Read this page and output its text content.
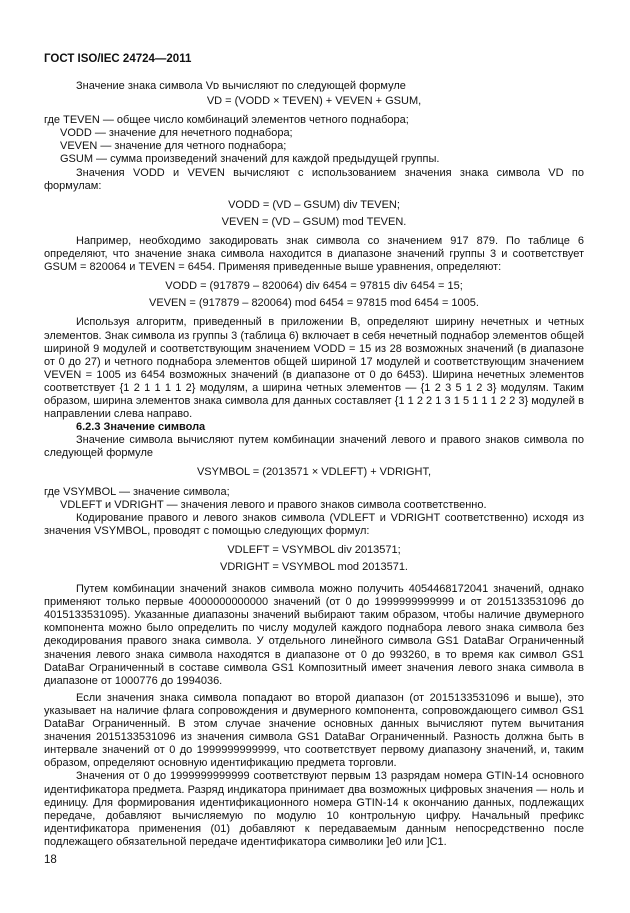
ГОСТ ISO/IEC 24724—2011
Значение знака символа Vᴅ вычисляют по следующей формуле
VD = (VODD × TEVEN) + VEVEN + GSUM,
где TEVEN — общее число комбинаций элементов четного поднабора;
VODD — значение для нечетного поднабора;
VEVEN — значение для четного поднабора;
GSUM — сумма произведений значений для каждой предыдущей группы.
Значения VODD и VEVEN вычисляют с использованием значения знака символа VD по формулам:
VODD = (VD – GSUM) div TEVEN;
VEVEN = (VD – GSUM) mod TEVEN.
Например, необходимо закодировать знак символа со значением 917 879. По таблице 6 определяют, что значение знака символа находится в диапазоне значений группы 3 и соответствует GSUM = 820064 и TEVEN = 6454. Применяя приведенные выше уравнения, определяют:
VODD = (917879 – 820064) div 6454 = 97815 div 6454 = 15;
VEVEN = (917879 – 820064) mod 6454 = 97815 mod 6454 = 1005.
Используя алгоритм, приведенный в приложении В, определяют ширину нечетных и четных элементов. Знак символа из группы 3 (таблица 6) включает в себя нечетный поднабор элементов общей шириной 9 модулей и соответствующим значением VODD = 15 из 28 возможных значений (в диапазоне от 0 до 27) и четного поднабора элементов общей шириной 17 модулей и соответствующим значением VEVEN = 1005 из 6454 возможных значений (в диапазоне от 0 до 6453). Ширина нечетных элементов соответствует {1 2 1 1 1 1 2} модулям, а ширина четных элементов — {1 2 3 5 1 2 3} модулям. Таким образом, ширина элементов знака символа для данных составляет {1 1 2 2 1 3 1 5 1 1 1 2 2 3} модулей в направлении слева направо.
6.2.3 Значение символа
Значение символа вычисляют путем комбинации значений левого и правого знаков символа по следующей формуле
VSYMBOL = (2013571 × VDLEFT) + VDRIGHT,
где VSYMBOL — значение символа;
VDLEFT и VDRIGHT — значения левого и правого знаков символа соответственно.
Кодирование правого и левого знаков символа (VDLEFT и VDRIGHT соответственно) исходя из значения VSYMBOL, проводят с помощью следующих формул:
VDLEFT = VSYMBOL div 2013571;
VDRIGHT = VSYMBOL mod 2013571.
Путем комбинации значений знаков символа можно получить 4054468172041 значений, однако применяют только первые 4000000000000 значений (от 0 до 1999999999999 и от 2015133531096 до 4015133531095). Указанные диапазоны значений выбирают таким образом, чтобы наличие двумерного компонента можно было определить по числу модулей каждого поднабора левого знака символа без декодирования правого знака символа. У отдельного линейного символа GS1 DataBar Ограниченный значения левого знака символа находятся в диапазоне от 0 до 993260, в то время как символ GS1 DataBar Ограниченный в составе символа GS1 Композитный имеет значения левого знака символа в диапазоне от 1000776 до 1994036.
Если значения знака символа попадают во второй диапазон (от 2015133531096 и выше), это указывает на наличие флага сопровождения и двумерного компонента, сопровождающего символ GS1 DataBar Ограниченный. В этом случае значение основных данных вычисляют путем вычитания значения 2015133531096 из значения символа GS1 DataBar Ограниченный. Разность должна быть в интервале значений от 0 до 1999999999999, что соответствует первому диапазону значений, и, таким образом, определяют основную идентификацию предмета торговли.
Значения от 0 до 1999999999999 соответствуют первым 13 разрядам номера GTIN-14 основного идентификатора предмета. Разряд индикатора принимает два возможных цифровых значения — ноль и единицу. Для формирования идентификационного номера GTIN-14 к окончанию данных, подлежащих передаче, добавляют вычисляемую по модулю 10 контрольную цифру. Начальный префикс идентификатора применения (01) добавляют к передаваемым данным непосредственно после подлежащего обязательной передаче идентификатора символики ]e0 или ]C1.
18
